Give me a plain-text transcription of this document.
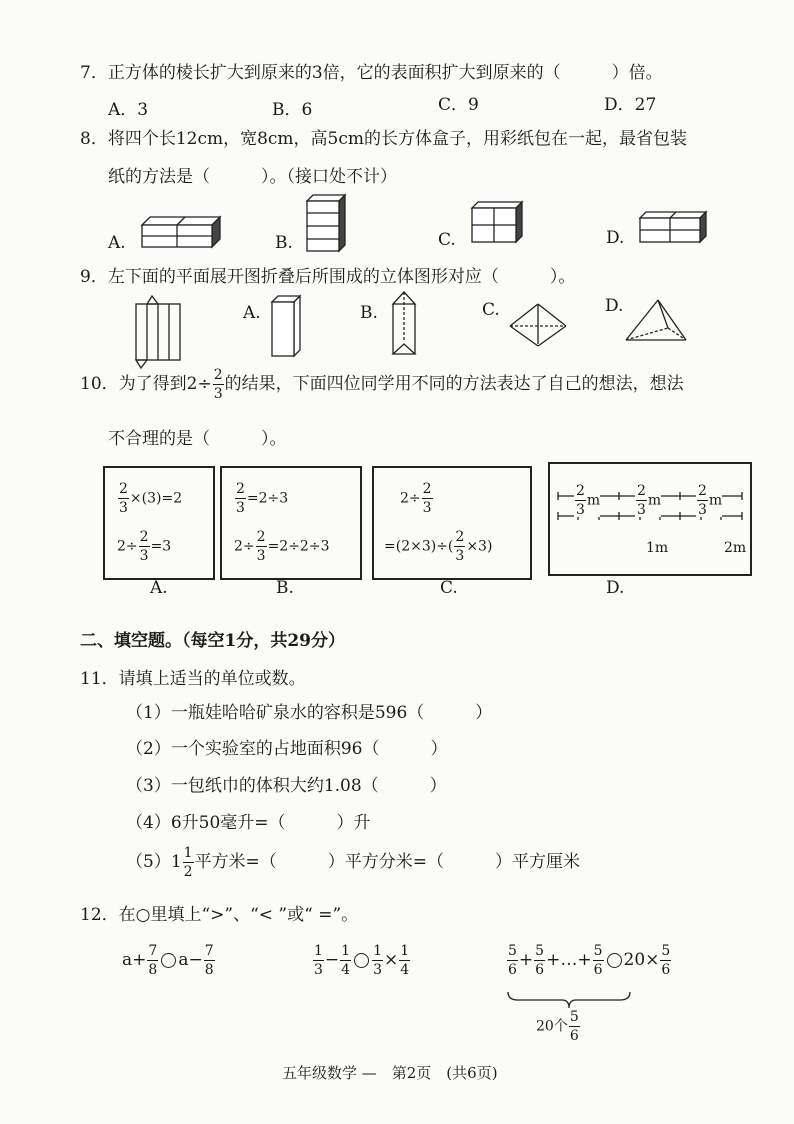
7．正方体的棱长扩大到原来的3倍，它的表面积扩大到原来的（　　　）倍。
A．3	B．6	C．9	D．27
8．将四个长12cm，宽8cm，高5cm的长方体盒子，用彩纸包在一起，最省包装
纸的方法是（　　　）。（接口处不计）
A.	B.	C.	D.
9．左下面的平面展开图折叠后所围成的立体图形对应（　　　）。
A.	B.	C.	D.
10．为了得到$2\div \frac{2}{3}$ 的结果，下面四位同学用不同的方法表达了自己的想法，想法
不合理的是（　　　）。
$\frac{2}{3} \times(3)=2$
$2\div \frac{2}{3} =3$
A.
$\frac{2}{3} =2\div 3$
$2\div \frac{2}{3} =2\div 2\div 3$
B.
$2\div \frac{2}{3}$
$=(2\times 3)\div( \frac{2}{3} \times 3)$
C.
$\frac{2}{3}$ m	$\frac{2}{3}$ m	$\frac{2}{3}$ m
1m	2m
D.
二、填空题。（每空1分，共29分）
11．请填上适当的单位或数。
（1）一瓶娃哈哈矿泉水的容积是596（　　　）
（2）一个实验室的占地面积96（　　　）
（3）一包纸巾的体积大约1.08（　　　）
（4）6升50毫升=（　　　）升
$(5)1 \frac{1}{2}$ 平方米=（　　　）平方分米=（　　　）平方厘米
12．在○里填上“>”、“< ”或“ =”。
$a+ \frac{7}{8} a- \frac{7}{8}$	$\frac{1}{3} - \frac{1}{4} \frac{1}{3} \times \frac{1}{4}$	$\frac{5}{6} + \frac{5}{6}$ +…+ $\frac{5}{6} 20\times \frac{5}{6}$
20个 $\frac{5}{6}$
五年级数学 —　第2页　(共6页)
